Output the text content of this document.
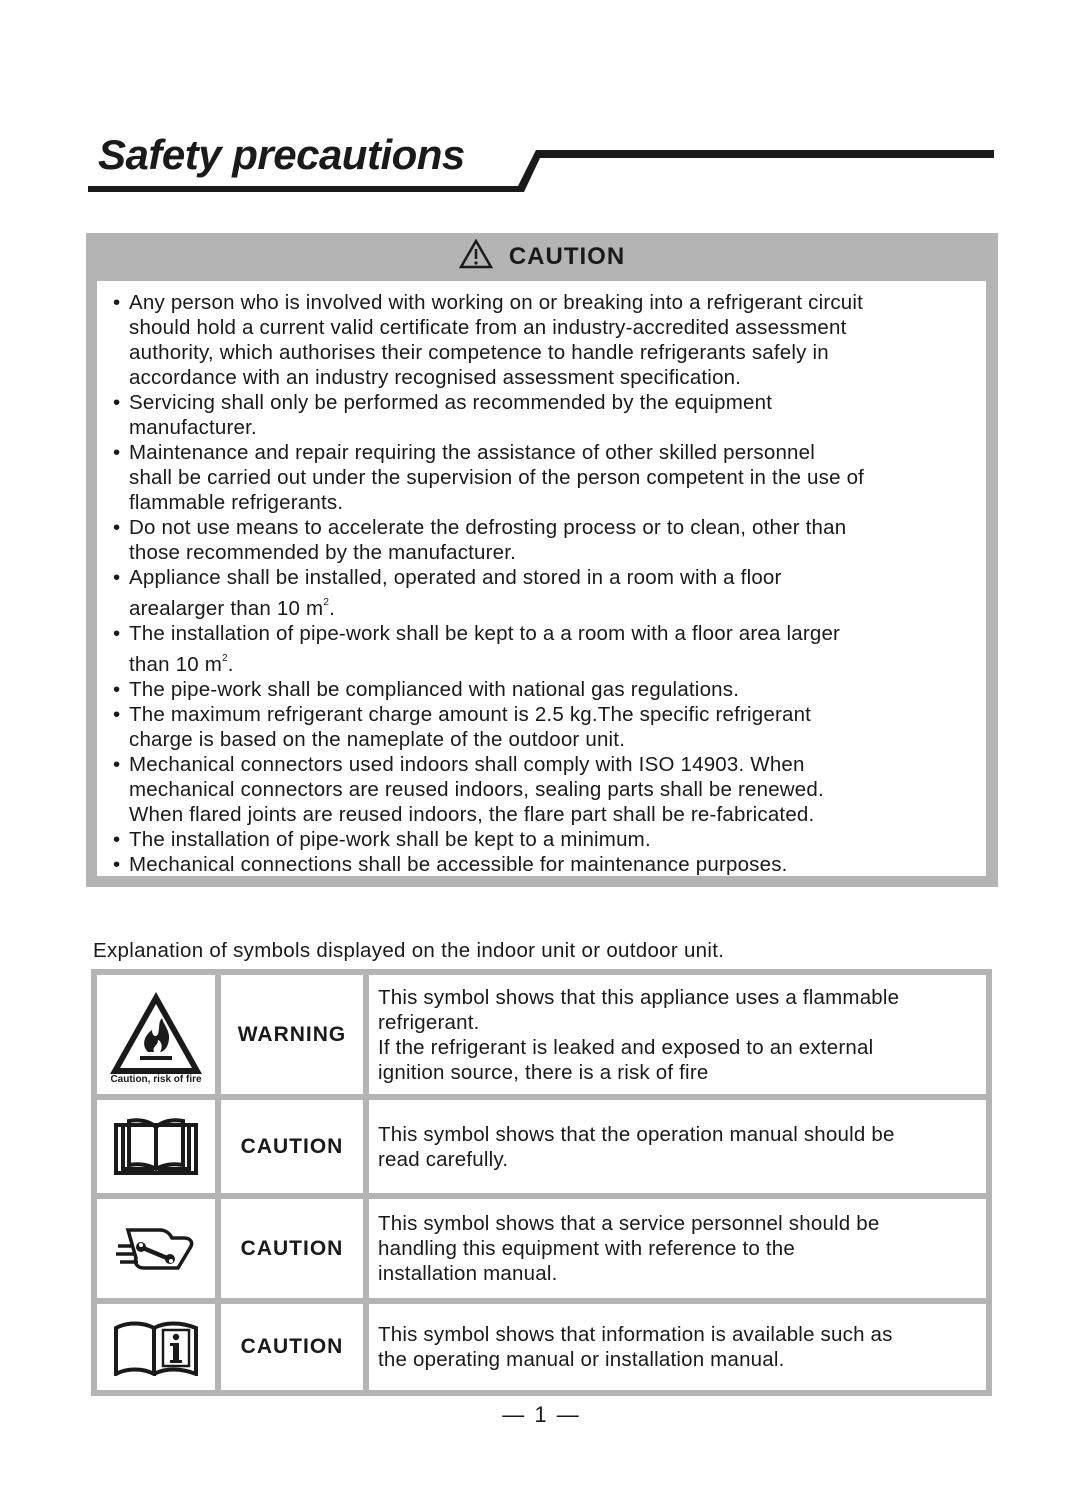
Safety precautions
CAUTION
• Any person who is involved with working on or breaking into a refrigerant circuit
should hold a current valid certificate from an industry-accredited assessment
authority, which authorises their competence to handle refrigerants safely in
accordance with an industry recognised assessment specification.
• Servicing shall only be performed as recommended by the equipment
manufacturer.
• Maintenance and repair requiring the assistance of other skilled personnel
shall be carried out under the supervision of the person competent in the use of
flammable refrigerants.
• Do not use means to accelerate the defrosting process or to clean, other than
those recommended by the manufacturer.
• Appliance shall be installed, operated and stored in a room with a floor
arealarger than 10 $m^2$.
• The installation of pipe-work shall be kept to a a room with a floor area larger
than 10 $m^2$.
• The pipe-work shall be complianced with national gas regulations.
• The maximum refrigerant charge amount is 2.5 kg.The specific refrigerant
charge is based on the nameplate of the outdoor unit.
• Mechanical connectors used indoors shall comply with ISO 14903. When
mechanical connectors are reused indoors, sealing parts shall be renewed.
When flared joints are reused indoors, the flare part shall be re-fabricated.
• The installation of pipe-work shall be kept to a minimum.
• Mechanical connections shall be accessible for maintenance purposes.
Explanation of symbols displayed on the indoor unit or outdoor unit.
Caution, risk of fire	WARNING	This symbol shows that this appliance uses a flammable
refrigerant.
If the refrigerant is leaked and exposed to an external
ignition source, there is a risk of fire

	CAUTION	This symbol shows that the operation manual should be
read carefully.

	CAUTION	This symbol shows that a service personnel should be
handling this equipment with reference to the
installation manual.

	CAUTION	This symbol shows that information is available such as
the operating manual or installation manual.
— 1 —
